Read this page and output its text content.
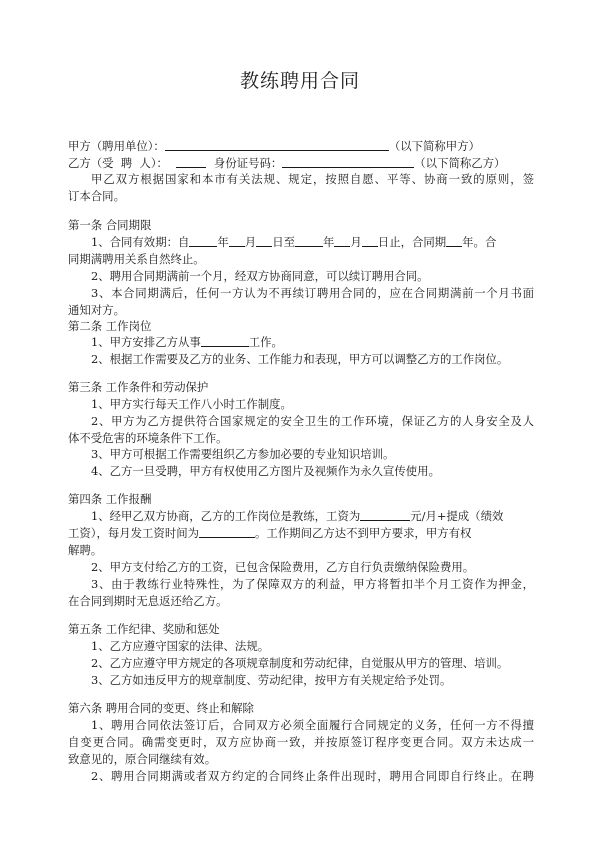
教练聘用合同
甲方（聘用单位）：	（以下简称甲方）
乙方（受  聘  人）：	身份证号码：	（以下简称乙方）
甲乙双方根据国家和本市有关法规、规定，按照自愿、平等、协商一致的原则，签
订本合同。
第一条 合同期限
1、合同有效期：自 年 月 日至 年 月 日止，合同期 年。合
同期满聘用关系自然终止。
2、聘用合同期满前一个月，经双方协商同意，可以续订聘用合同。
3、本合同期满后，任何一方认为不再续订聘用合同的，应在合同期满前一个月书面
通知对方。
第二条 工作岗位
1、甲方安排乙方从事	工作。
2、根据工作需要及乙方的业务、工作能力和表现，甲方可以调整乙方的工作岗位。
第三条 工作条件和劳动保护
1、甲方实行每天工作八小时工作制度。
2、甲方为乙方提供符合国家规定的安全卫生的工作环境，保证乙方的人身安全及人
体不受危害的环境条件下工作。
3、甲方可根据工作需要组织乙方参加必要的专业知识培训。
4、乙方一旦受聘，甲方有权使用乙方图片及视频作为永久宣传使用。
第四条 工作报酬
1、经甲乙双方协商，乙方的工作岗位是教练，工资为	元/月+提成（绩效
工资），每月发工资时间为	。工作期间乙方达不到甲方要求，甲方有权
解聘。
2、甲方支付给乙方的工资，已包含保险费用，乙方自行负责缴纳保险费用。
3、由于教练行业特殊性，为了保障双方的利益，甲方将暂扣半个月工资作为押金，
在合同到期时无息返还给乙方。
第五条 工作纪律、奖励和惩处
1、乙方应遵守国家的法律、法规。
2、乙方应遵守甲方规定的各项规章制度和劳动纪律，自觉服从甲方的管理、培训。
3、乙方如违反甲方的规章制度、劳动纪律，按甲方有关规定给予处罚。
第六条 聘用合同的变更、终止和解除
1、聘用合同依法签订后，合同双方必须全面履行合同规定的义务，任何一方不得擅
自变更合同。确需变更时，双方应协商一致，并按原签订程序变更合同。双方未达成一
致意见的，原合同继续有效。
2、聘用合同期满或者双方约定的合同终止条件出现时，聘用合同即自行终止。在聘
